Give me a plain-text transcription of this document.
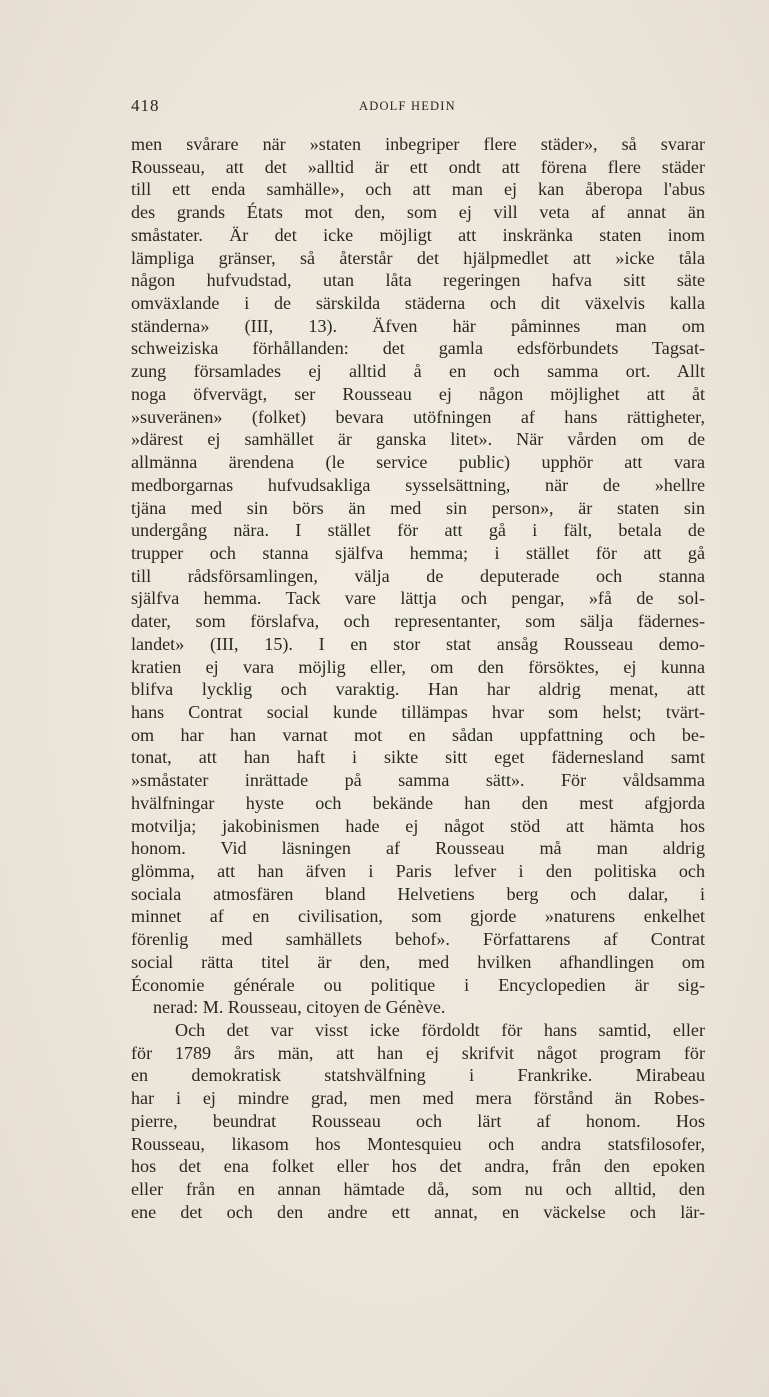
418	ADOLF HEDIN
men svårare när »staten inbegriper flere städer», så svarar
Rousseau, att det »alltid är ett ondt att förena flere städer
till ett enda samhälle», och att man ej kan åberopa l'abus
des grands États mot den, som ej vill veta af annat än
småstater. Är det icke möjligt att inskränka staten inom
lämpliga gränser, så återstår det hjälpmedlet att »icke tåla
någon hufvudstad, utan låta regeringen hafva sitt säte
omväxlande i de särskilda städerna och dit växelvis kalla
ständerna» (III, 13). Äfven här påminnes man om
schweiziska förhållanden: det gamla edsförbundets Tagsat-
zung församlades ej alltid å en och samma ort. Allt
noga öfvervägt, ser Rousseau ej någon möjlighet att åt
»suveränen» (folket) bevara utöfningen af hans rättigheter,
»därest ej samhället är ganska litet». När vården om de
allmänna ärendena (le service public) upphör att vara
medborgarnas hufvudsakliga sysselsättning, när de »hellre
tjäna med sin börs än med sin person», är staten sin
undergång nära. I stället för att gå i fält, betala de
trupper och stanna själfva hemma; i stället för att gå
till rådsförsamlingen, välja de deputerade och stanna
själfva hemma. Tack vare lättja och pengar, »få de sol-
dater, som förslafva, och representanter, som sälja fädernes-
landet» (III, 15). I en stor stat ansåg Rousseau demo-
kratien ej vara möjlig eller, om den försöktes, ej kunna
blifva lycklig och varaktig. Han har aldrig menat, att
hans Contrat social kunde tillämpas hvar som helst; tvärt-
om har han varnat mot en sådan uppfattning och be-
tonat, att han haft i sikte sitt eget fädernesland samt
»småstater inrättade på samma sätt». För våldsamma
hvälfningar hyste och bekände han den mest afgjorda
motvilja; jakobinismen hade ej något stöd att hämta hos
honom. Vid läsningen af Rousseau må man aldrig
glömma, att han äfven i Paris lefver i den politiska och
sociala atmosfären bland Helvetiens berg och dalar, i
minnet af en civilisation, som gjorde »naturens enkelhet
förenlig med samhällets behof». Författarens af Contrat
social rätta titel är den, med hvilken afhandlingen om
Économie générale ou politique i Encyclopedien är sig-
nerad: M. Rousseau, citoyen de Génève.
Och det var visst icke fördoldt för hans samtid, eller
för 1789 års män, att han ej skrifvit något program för
en demokratisk statshvälfning i Frankrike. Mirabeau
har i ej mindre grad, men med mera förstånd än Robes-
pierre, beundrat Rousseau och lärt af honom. Hos
Rousseau, likasom hos Montesquieu och andra statsfilosofer,
hos det ena folket eller hos det andra, från den epoken
eller från en annan hämtade då, som nu och alltid, den
ene det och den andre ett annat, en väckelse och lär-
